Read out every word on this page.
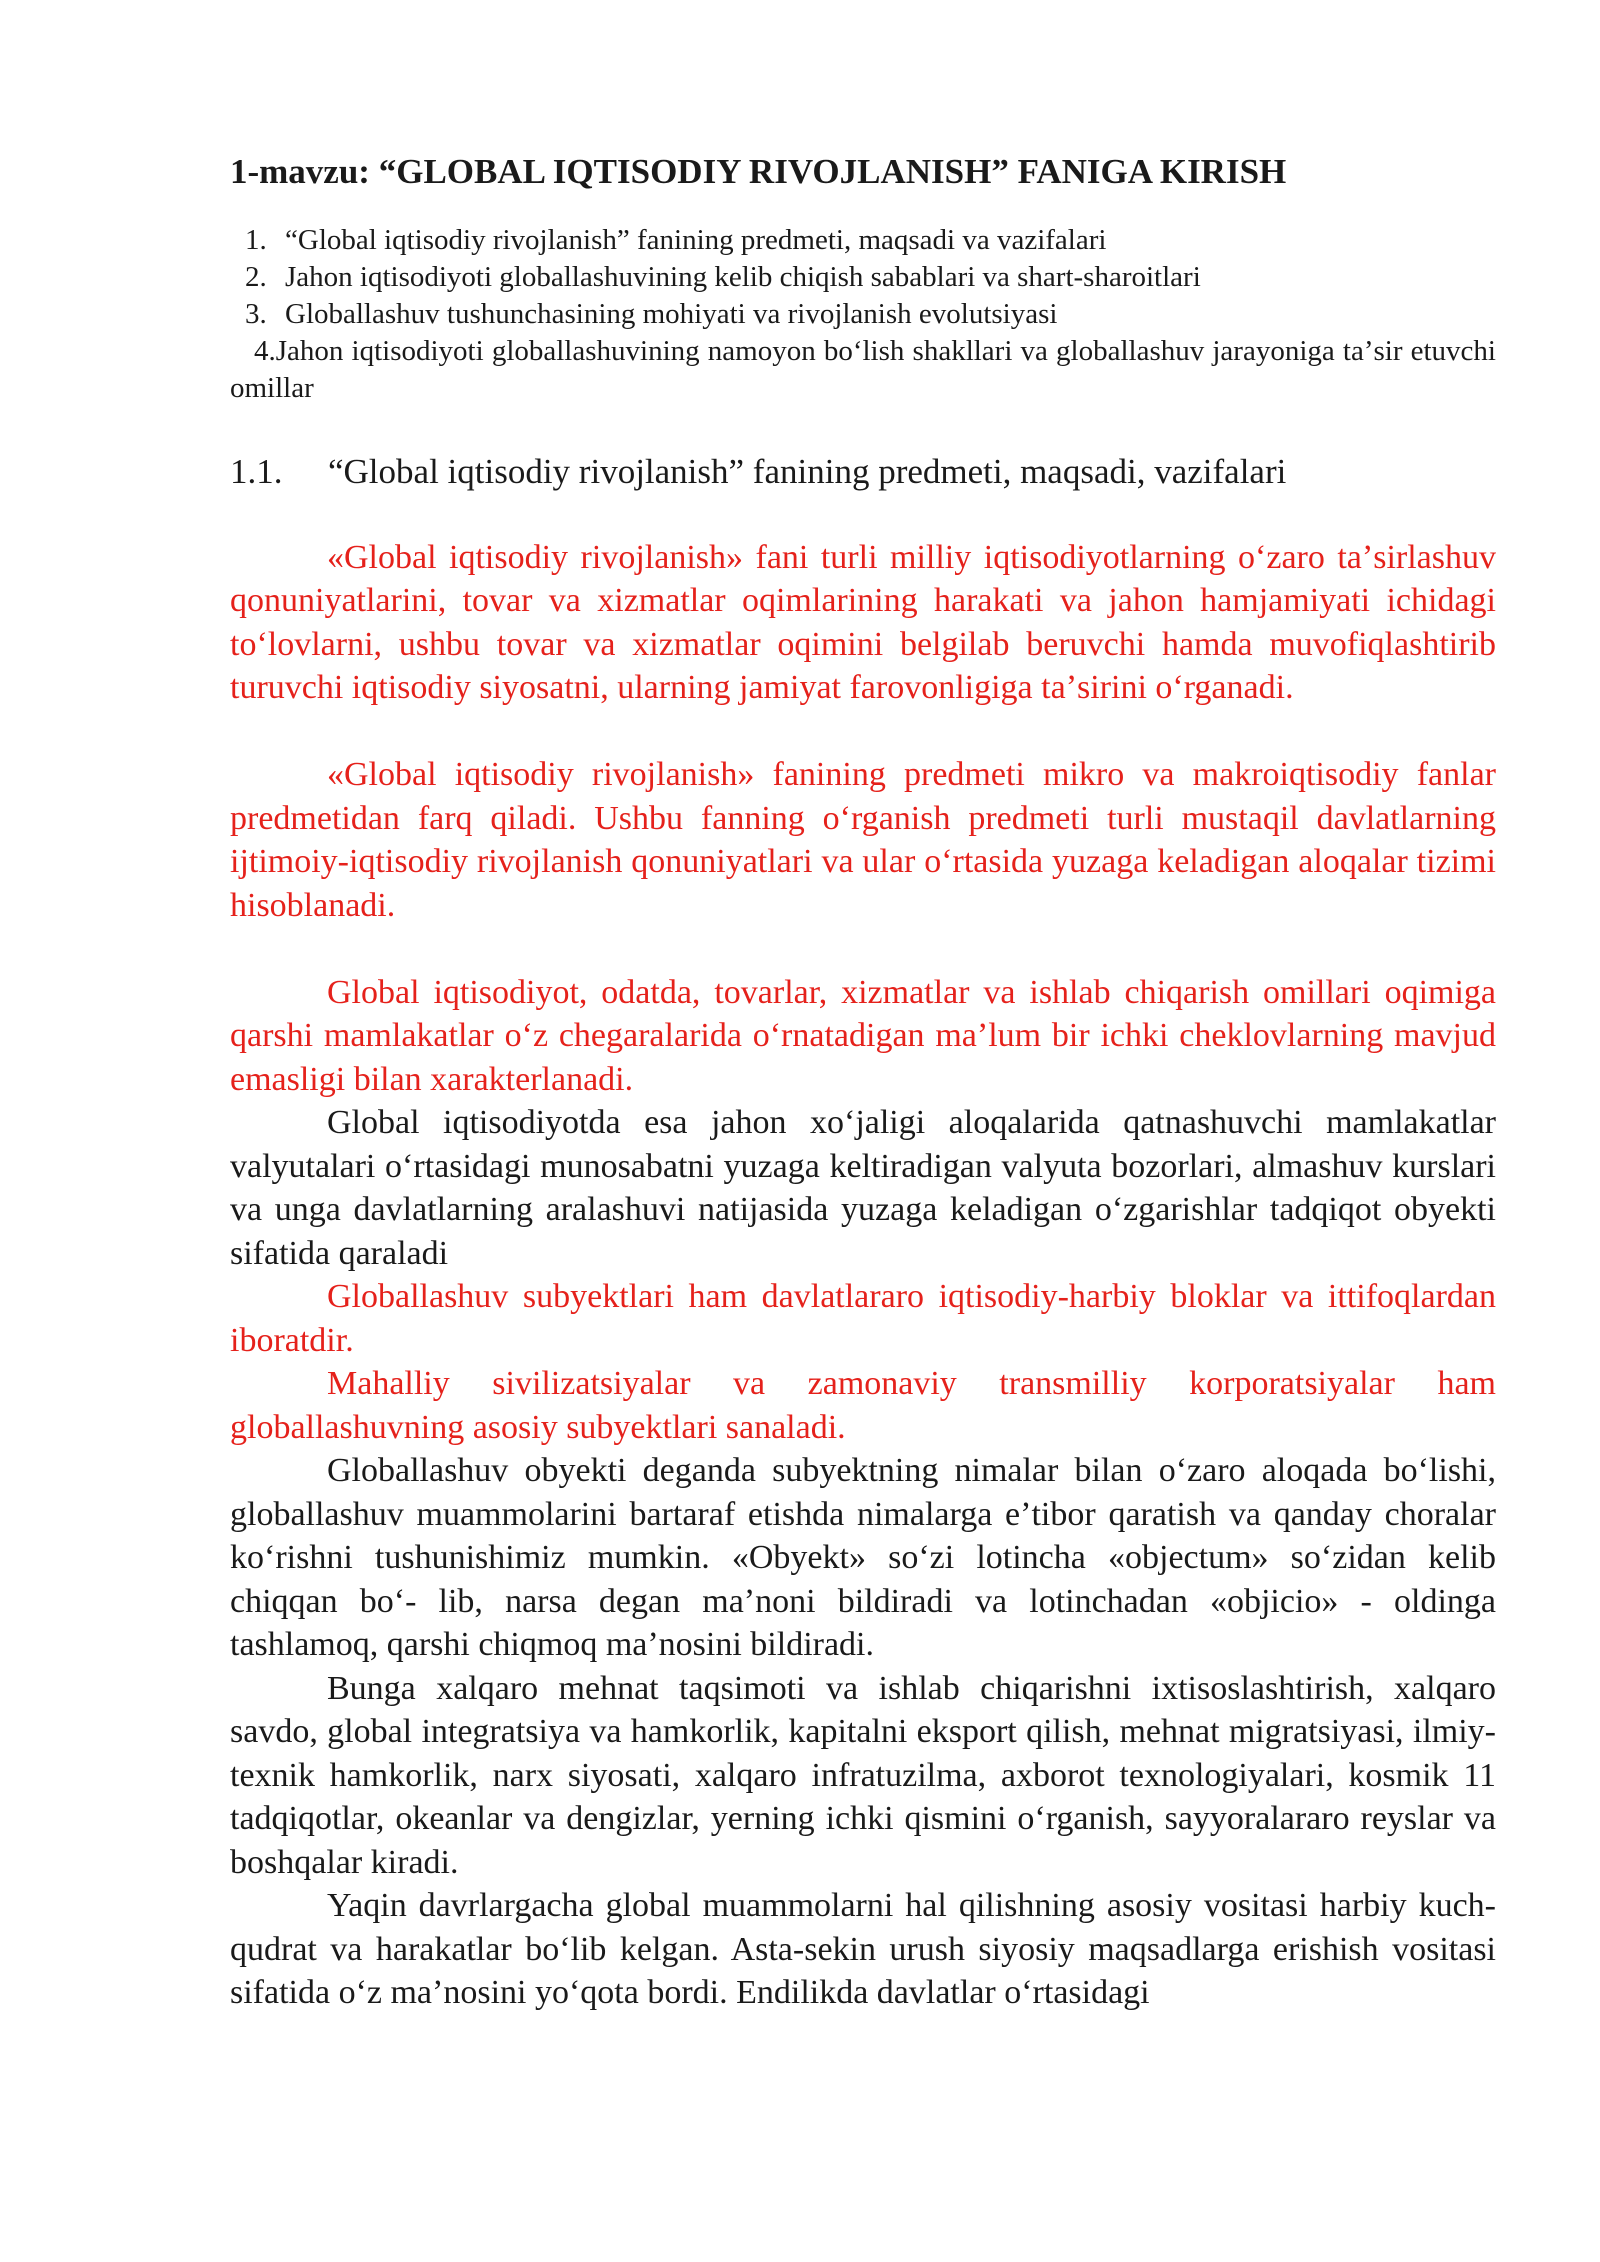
1-mavzu: “GLOBAL IQTISODIY RIVOJLANISH” FANIGA KIRISH
1. “Global iqtisodiy rivojlanish” fanining predmeti, maqsadi va vazifalari
2. Jahon iqtisodiyoti globallashuvining kelib chiqish sabablari va shart-sharoitlari
3. Globallashuv tushunchasining mohiyati va rivojlanish evolutsiyasi
4.Jahon iqtisodiyoti globallashuvining namoyon boʻlish shakllari va globallashuv jarayoniga taʼsir etuvchi omillar
1.1. “Global iqtisodiy rivojlanish” fanining predmeti, maqsadi, vazifalari

«Global iqtisodiy rivojlanish» fani turli milliy iqtisodiyotlarning oʻzaro taʼsirlashuv qonuniyatlarini, tovar va xizmatlar oqimlarining harakati va jahon hamjamiyati ichidagi toʻlovlarni, ushbu tovar va xizmatlar oqimini belgilab beruvchi hamda muvofiqlashtirib turuvchi iqtisodiy siyosatni, ularning jamiyat farovonligiga taʼsirini oʻrganadi.

«Global iqtisodiy rivojlanish» fanining predmeti mikro va makroiqtisodiy fanlar predmetidan farq qiladi. Ushbu fanning oʻrganish predmeti turli mustaqil davlatlarning ijtimoiy-iqtisodiy rivojlanish qonuniyatlari va ular oʻrtasida yuzaga keladigan aloqalar tizimi hisoblanadi.

Global iqtisodiyot, odatda, tovarlar, xizmatlar va ishlab chiqarish omillari oqimiga qarshi mamlakatlar oʻz chegaralarida oʻrnatadigan maʼlum bir ichki cheklovlarning mavjud emasligi bilan xarakterlanadi.

Global iqtisodiyotda esa jahon xoʻjaligi aloqalarida qatnashuvchi mamlakatlar valyutalari oʻrtasidagi munosabatni yuzaga keltiradigan valyuta bozorlari, almashuv kurslari va unga davlatlarning aralashuvi natijasida yuzaga keladigan oʻzgarishlar tadqiqot obyekti sifatida qaraladi

Globallashuv subyektlari ham davlatlararo iqtisodiy-harbiy bloklar va ittifoqlardan iboratdir.

Mahalliy sivilizatsiyalar va zamonaviy transmilliy korporatsiyalar ham globallashuvning asosiy subyektlari sanaladi.

Globallashuv obyekti deganda subyektning nimalar bilan oʻzaro aloqada boʻlishi, globallashuv muammolarini bartaraf etishda nimalarga eʼtibor qaratish va qanday choralar koʻrishni tushunishimiz mumkin. «Obyekt» soʻzi lotincha «objectum» soʻzidan kelib chiqqan bo‘- lib, narsa degan maʼnoni bildiradi va lotinchadan «objicio» - oldinga tashlamoq, qarshi chiqmoq maʼnosini bildiradi.

Bunga xalqaro mehnat taqsimoti va ishlab chiqarishni ixtisoslashtirish, xalqaro savdo, global integratsiya va hamkorlik, kapitalni eksport qilish, mehnat migratsiyasi, ilmiy-texnik hamkorlik, narx siyosati, xalqaro infratuzilma, axborot texnologiyalari, kosmik 11 tadqiqotlar, okeanlar va dengizlar, yerning ichki qismini oʻrganish, sayyoralararo reyslar va boshqalar kiradi.

Yaqin davrlargacha global muammolarni hal qilishning asosiy vositasi harbiy kuch-qudrat va harakatlar boʻlib kelgan. Asta-sekin urush siyosiy maqsadlarga erishish vositasi sifatida oʻz maʼnosini yoʻqota bordi. Endilikda davlatlar oʻrtasidagi
